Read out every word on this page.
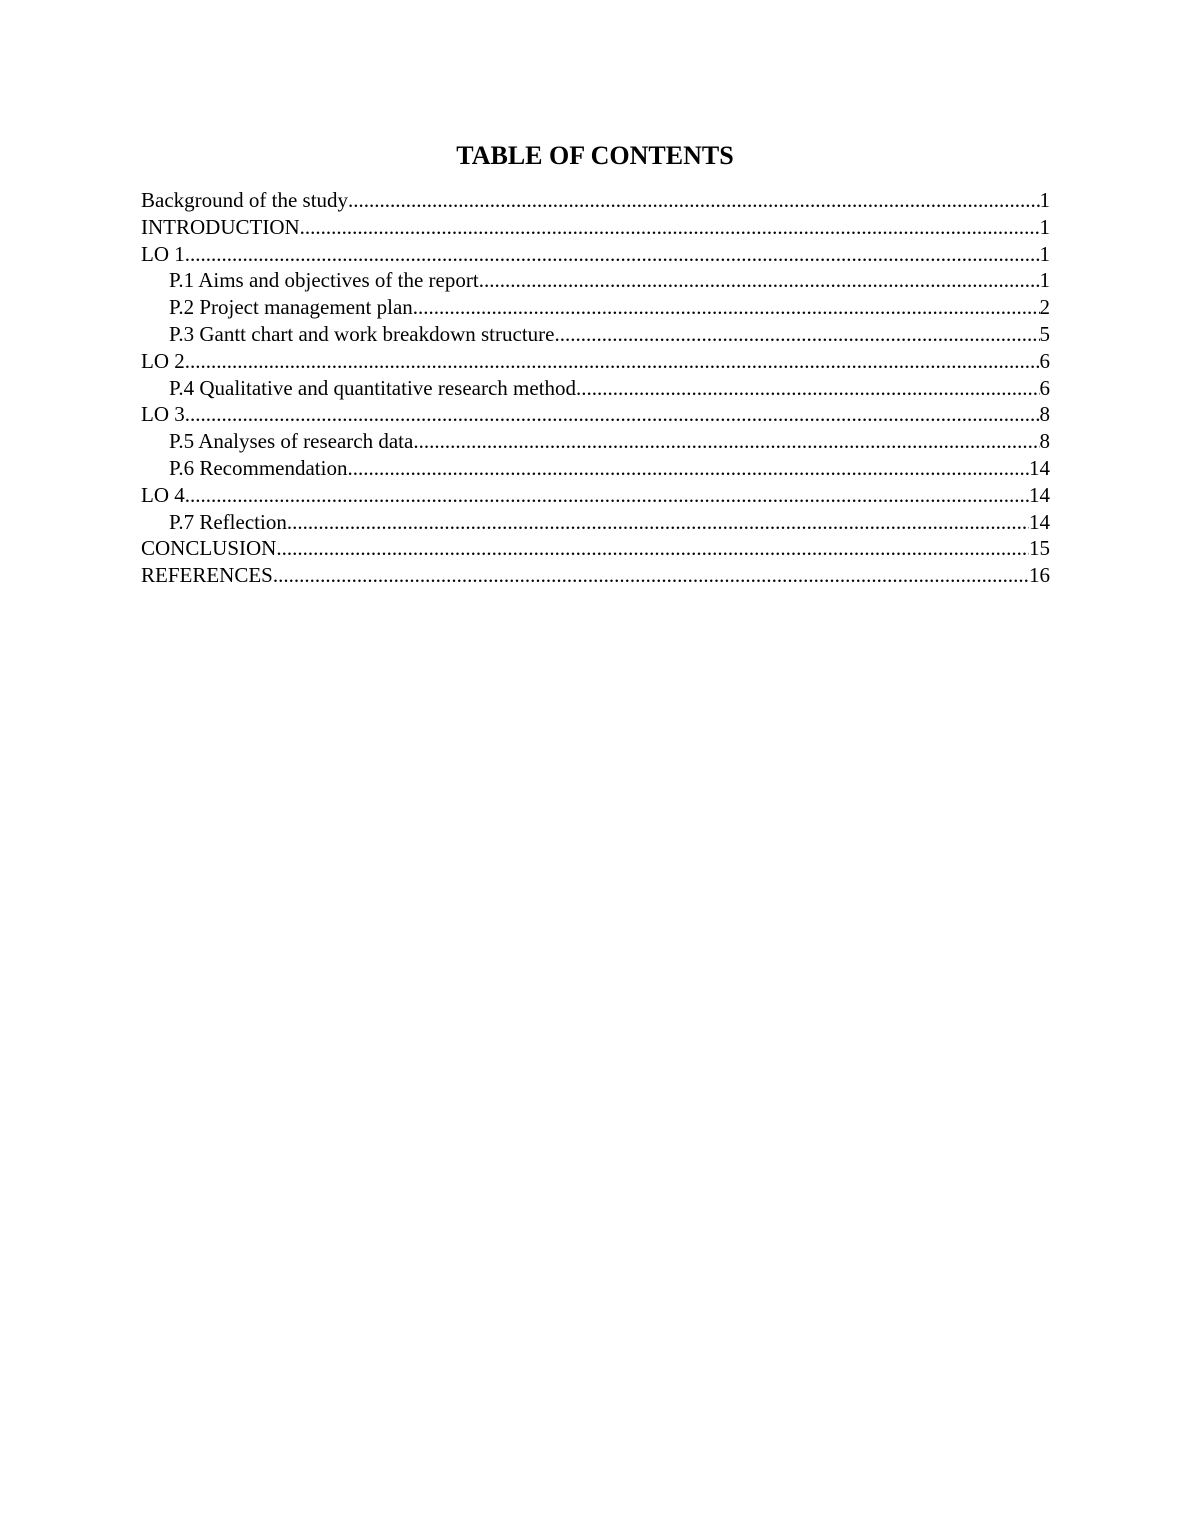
TABLE OF CONTENTS
Background of the study .....	1
INTRODUCTION .....	1
LO 1 .....	1
P.1 Aims and objectives of the report. .....	1
P.2 Project management plan .....	2
P.3 Gantt chart and work breakdown structure .....	5
LO 2 .....	6
P.4 Qualitative and quantitative research method .....	6
LO 3 .....	8
P.5 Analyses of research data .....	8
P.6 Recommendation .....	14
LO 4 .....	14
P.7 Reflection .....	14
CONCLUSION .....	15
REFERENCES .....	16
